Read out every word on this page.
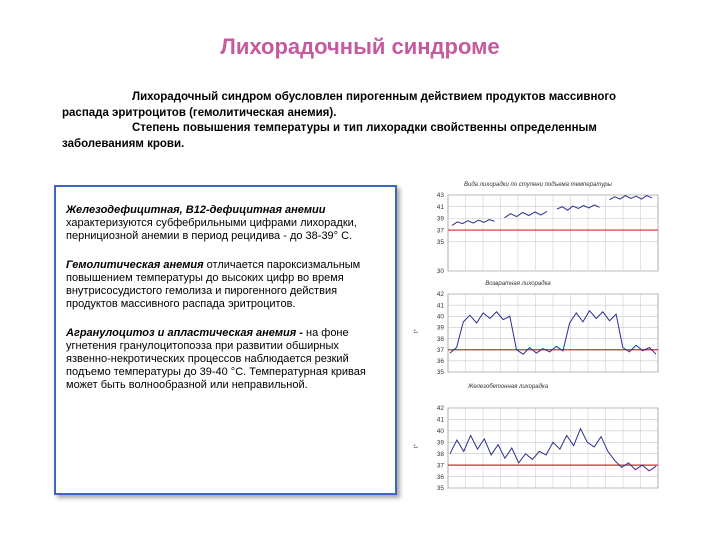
Лихорадочный синдроме

Лихорадочный синдром обусловлен пирогенным действием продуктов массивного распада эритроцитов (гемолитическая анемия).

Степень повышения температуры и тип лихорадки свойственны определенным заболеваниям крови.

Железодефицитная, В12-дефицитная анемии характеризуются субфебрильными цифрами лихорадки, пернициозной анемии в период рецидива - до 38-39° С.
Гемолитическая анемия отличается пароксизмальным повышением температуры до высоких цифр во время внутрисосудистого гемолиза и пирогенного действия продуктов массивного распада эритроцитов.
Агранулоцитоз и апластическая анемия - на фоне угнетения гранулоцитопоэза при развитии обширных язвенно-некротических процессов наблюдается резкий подъемо температуры до 39-40 °С. Температурная кривая может быть волнообразной или неправильной.
Вида лихорадки по ступени подъема температуры
30
35
37
39
41
43
Возвратная лихорадка
35
36
37
38
39
40
41
42
t°
Железобетонная лихорадка
35
36
37
38
39
40
41
42
t°
